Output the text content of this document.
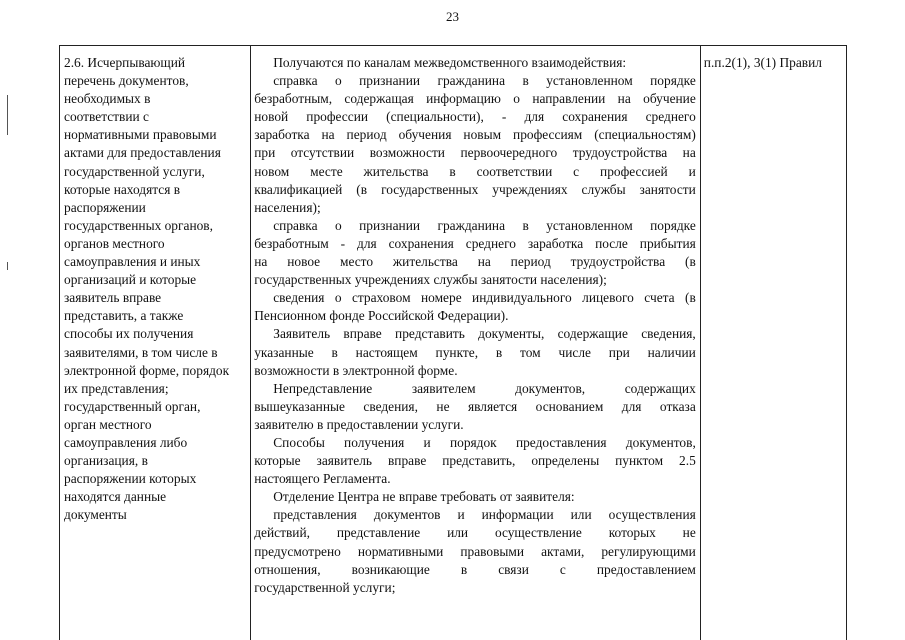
23
2.6. Исчерпывающий
перечень документов,
необходимых в
соответствии с
нормативными правовыми
актами для предоставления
государственной услуги,
которые находятся в
распоряжении
государственных органов,
органов местного
самоуправления и иных
организаций и которые
заявитель вправе
представить, а также
способы их получения
заявителями, в том числе в
электронной форме, порядок
их представления;
государственный орган,
орган местного
самоуправления либо
организация, в
распоряжении которых
находятся данные
документы

Получаются по каналам межведомственного взаимодействия:
справка о признании гражданина в установленном порядке
безработным, содержащая информацию о направлении на обучение
новой профессии (специальности), - для сохранения среднего
заработка на период обучения новым профессиям (специальностям)
при отсутствии возможности первоочередного трудоустройства на
новом месте жительства в соответствии с профессией и
квалификацией (в государственных учреждениях службы занятости
населения);
справка о признании гражданина в установленном порядке
безработным - для сохранения среднего заработка после прибытия
на новое место жительства на период трудоустройства (в
государственных учреждениях службы занятости населения);
сведения о страховом номере индивидуального лицевого счета (в
Пенсионном фонде Российской Федерации).
Заявитель вправе представить документы, содержащие сведения,
указанные в настоящем пункте, в том числе при наличии
возможности в электронной форме.
Непредставление заявителем документов, содержащих
вышеуказанные сведения, не является основанием для отказа
заявителю в предоставлении услуги.
Способы получения и порядок предоставления документов,
которые заявитель вправе представить, определены пунктом 2.5
настоящего Регламента.
Отделение Центра не вправе требовать от заявителя:
представления документов и информации или осуществления
действий, представление или осуществление которых не
предусмотрено нормативными правовыми актами, регулирующими
отношения, возникающие в связи с предоставлением
государственной услуги;

п.п.2(1), 3(1) Правил
